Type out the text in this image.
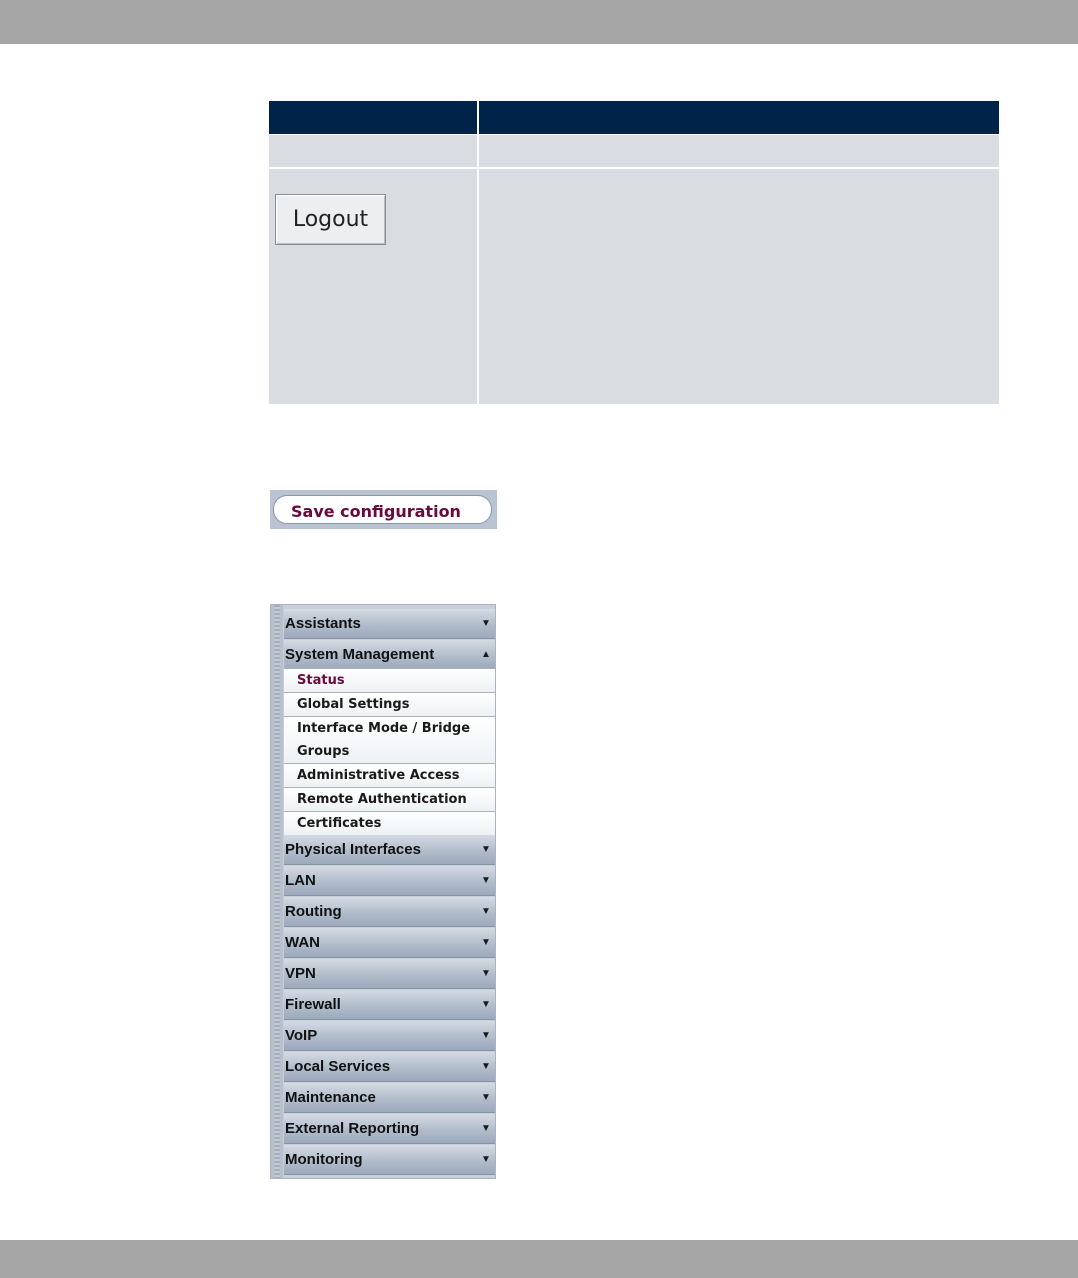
Logout
Save configuration
Assistants	▼
System Management	▲
Status
Global Settings
Interface Mode / Bridge Groups
Administrative Access
Remote Authentication
Certificates
Physical Interfaces	▼
LAN	▼
Routing	▼
WAN	▼
VPN	▼
Firewall	▼
VoIP	▼
Local Services	▼
Maintenance	▼
External Reporting	▼
Monitoring	▼
